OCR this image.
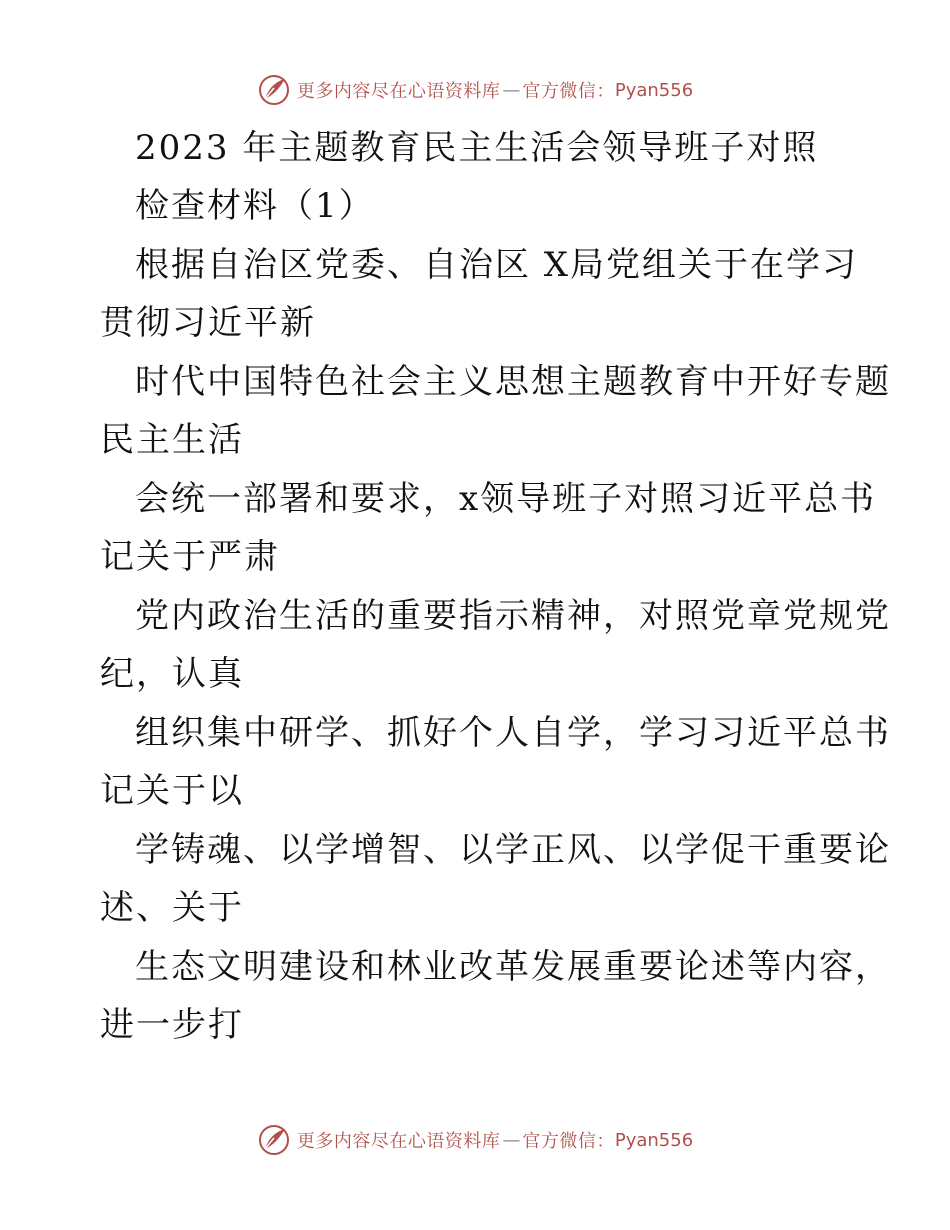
更多内容尽在心语资料库 — 官方微信： Pyan556
2023 年主题教育民主生活会领导班子对照
检查材料（1）
根据自治区党委、自治区 X局党组关于在学习
贯彻习近平新
时代中国特色社会主义思想主题教育中开好专题
民主生活
会统一部署和要求，x领导班子对照习近平总书
记关于严肃
党内政治生活的重要指示精神，对照党章党规党
纪，认真
组织集中研学、抓好个人自学，学习习近平总书
记关于以
学铸魂、以学增智、以学正风、以学促干重要论
述、关于
生态文明建设和林业改革发展重要论述等内容，
进一步打
更多内容尽在心语资料库 — 官方微信： Pyan556
